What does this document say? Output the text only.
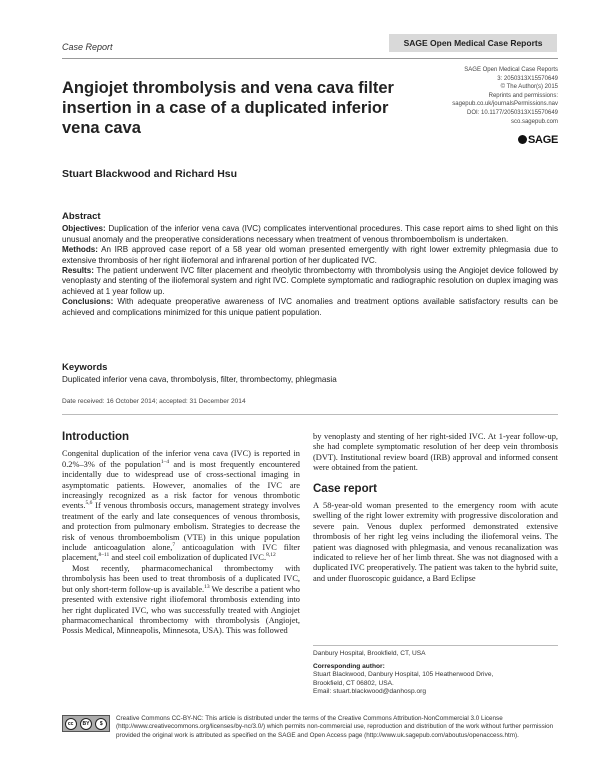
Case Report	SAGE Open Medical Case Reports
SAGE Open Medical Case Reports
3: 2050313X15570649
© The Author(s) 2015
Reprints and permissions:
sagepub.co.uk/journalsPermissions.nav
DOI: 10.1177/2050313X15570649
sco.sagepub.com
SAGE
Angiojet thrombolysis and vena cava filter insertion in a case of a duplicated inferior vena cava
Stuart Blackwood and Richard Hsu
Abstract

Objectives: Duplication of the inferior vena cava (IVC) complicates interventional procedures. This case report aims to shed light on this unusual anomaly and the preoperative considerations necessary when treatment of venous thromboembolism is undertaken.

Methods: An IRB approved case report of a 58 year old woman presented emergently with right lower extremity phlegmasia due to extensive thrombosis of her right iliofemoral and infrarenal portion of her duplicated IVC.

Results: The patient underwent IVC filter placement and rheolytic thrombectomy with thrombolysis using the Angiojet device followed by venoplasty and stenting of the iliofemoral system and right IVC. Complete symptomatic and radiographic resolution on duplex imaging was achieved at 1 year follow up.

Conclusions: With adequate preoperative awareness of IVC anomalies and treatment options available satisfactory results can be achieved and complications minimized for this unique patient population.

Keywords
Duplicated inferior vena cava, thrombolysis, filter, thrombectomy, phlegmasia
Date received: 16 October 2014; accepted: 31 December 2014
Introduction

Congenital duplication of the inferior vena cava (IVC) is reported in 0.2%–3% of the population$^{1-4}$ and is most frequently encountered incidentally due to widespread use of cross-sectional imaging in asymptomatic patients. However, anomalies of the IVC are increasingly recognized as a risk factor for venous thrombotic events.$^{5,6}$ If venous thrombosis occurs, management strategy involves treatment of the early and late consequences of venous thrombosis, and protection from pulmonary embolism. Strategies to decrease the risk of venous thromboembolism (VTE) in this unique population include anticoagulation alone,$^7$ anticoagulation with IVC filter placement,$^{8-11}$ and steel coil embolization of duplicated IVC.$^{8,12}$

Most recently, pharmacomechanical thrombectomy with thrombolysis has been used to treat thrombosis of a duplicated IVC, but only short-term follow-up is available.$^{13}$ We describe a patient who presented with extensive right iliofemoral thrombosis extending into her right duplicated IVC, who was successfully treated with Angiojet pharmacomechanical thrombectomy with thrombolysis (Angiojet, Possis Medical, Minneapolis, Minnesota, USA). This was followed

by venoplasty and stenting of her right-sided IVC. At 1-year follow-up, she had complete symptomatic resolution of her deep vein thrombosis (DVT). Institutional review board (IRB) approval and informed consent were obtained from the patient.

Case report

A 58-year-old woman presented to the emergency room with acute swelling of the right lower extremity with progressive discoloration and severe pain. Venous duplex performed demonstrated extensive thrombosis of her right leg veins including the iliofemoral veins. The patient was diagnosed with phlegmasia, and venous recanalization was indicated to relieve her of her limb threat. She was not diagnosed with a duplicated IVC preoperatively. The patient was taken to the hybrid suite, and under fluoroscopic guidance, a Bard Eclipse

Danbury Hospital, Brookfield, CT, USA
Corresponding author:
Stuart Blackwood, Danbury Hospital, 105 Heatherwood Drive,
Brookfield, CT 06802, USA.
Email: stuart.blackwood@danhosp.org
cc	BY	$
Creative Commons CC-BY-NC: This article is distributed under the terms of the Creative Commons Attribution-NonCommercial 3.0 License (http://www.creativecommons.org/licenses/by-nc/3.0/) which permits non-commercial use, reproduction and distribution of the work without further permission provided the original work is attributed as specified on the SAGE and Open Access page (http://www.uk.sagepub.com/aboutus/openaccess.htm).
